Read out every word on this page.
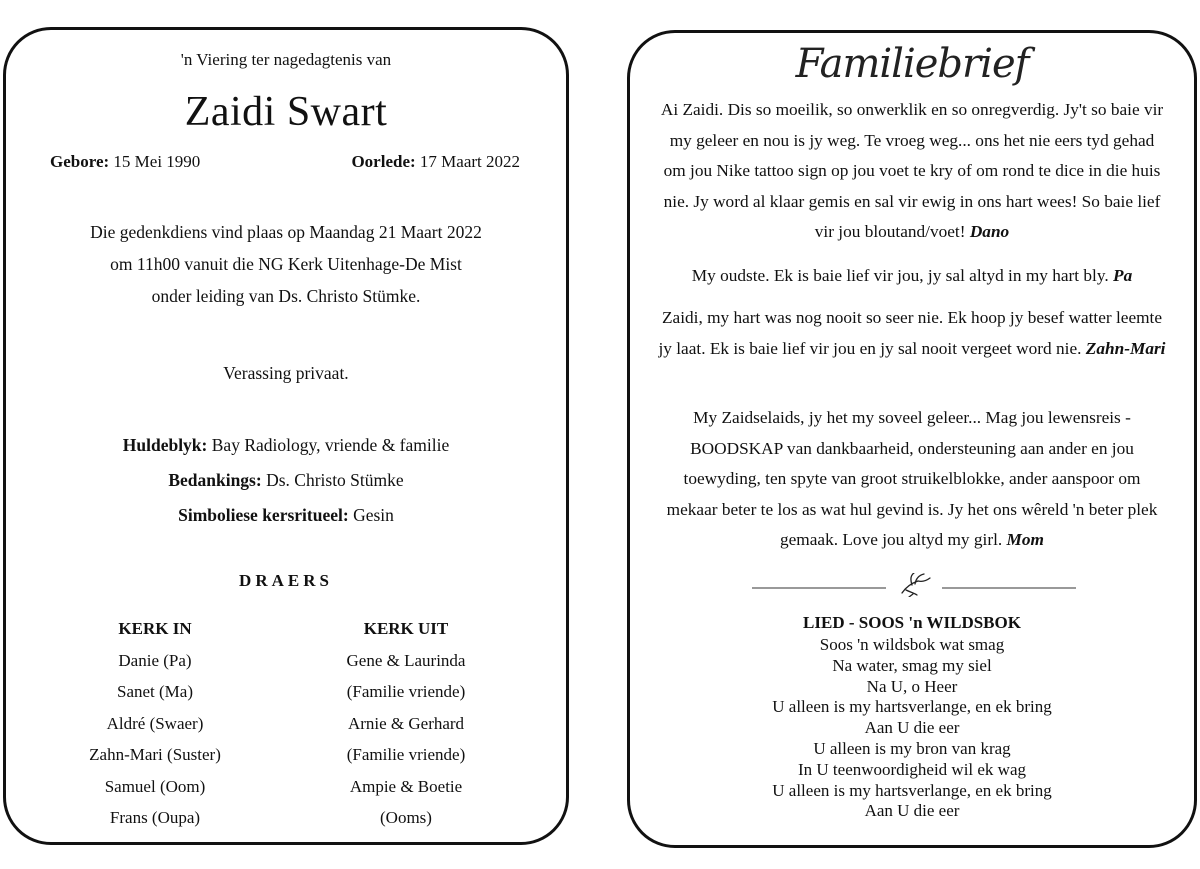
'n Viering ter nagedagtenis van
Zaidi Swart
Gebore: 15 Mei 1990	Oorlede: 17 Maart 2022
Die gedenkdiens vind plaas op Maandag 21 Maart 2022
om 11h00 vanuit die NG Kerk Uitenhage-De Mist
onder leiding van Ds. Christo Stümke.
Verassing privaat.
Huldeblyk: Bay Radiology, vriende & familie
Bedankings: Ds. Christo Stümke
Simboliese kersritueel: Gesin
DRAERS
KERK IN
Danie (Pa)
Sanet (Ma)
Aldré (Swaer)
Zahn-Mari (Suster)
Samuel (Oom)
Frans (Oupa)
KERK UIT
Gene & Laurinda
(Familie vriende)
Arnie & Gerhard
(Familie vriende)
Ampie & Boetie
(Ooms)
Familiebrief
Ai Zaidi. Dis so moeilik, so onwerklik en so onregverdig. Jy't so baie vir my geleer en nou is jy weg. Te vroeg weg... ons het nie eers tyd gehad om jou Nike tattoo sign op jou voet te kry of om rond te dice in die huis nie. Jy word al klaar gemis en sal vir ewig in ons hart wees! So baie lief vir jou bloutand/voet! Dano
My oudste. Ek is baie lief vir jou, jy sal altyd in my hart bly. Pa
Zaidi, my hart was nog nooit so seer nie. Ek hoop jy besef watter leemte jy laat. Ek is baie lief vir jou en jy sal nooit vergeet word nie. Zahn-Mari
My Zaidselaids, jy het my soveel geleer... Mag jou lewensreis - BOODSKAP van dankbaarheid, ondersteuning aan ander en jou toewyding, ten spyte van groot struikelblokke, ander aanspoor om mekaar beter te los as wat hul gevind is. Jy het ons wêreld 'n beter plek gemaak. Love jou altyd my girl. Mom
LIED - SOOS 'n WILDSBOK
Soos 'n wildsbok wat smag
Na water, smag my siel
Na U, o Heer
U alleen is my hartsverlange, en ek bring
Aan U die eer
U alleen is my bron van krag
In U teenwoordigheid wil ek wag
U alleen is my hartsverlange, en ek bring
Aan U die eer
